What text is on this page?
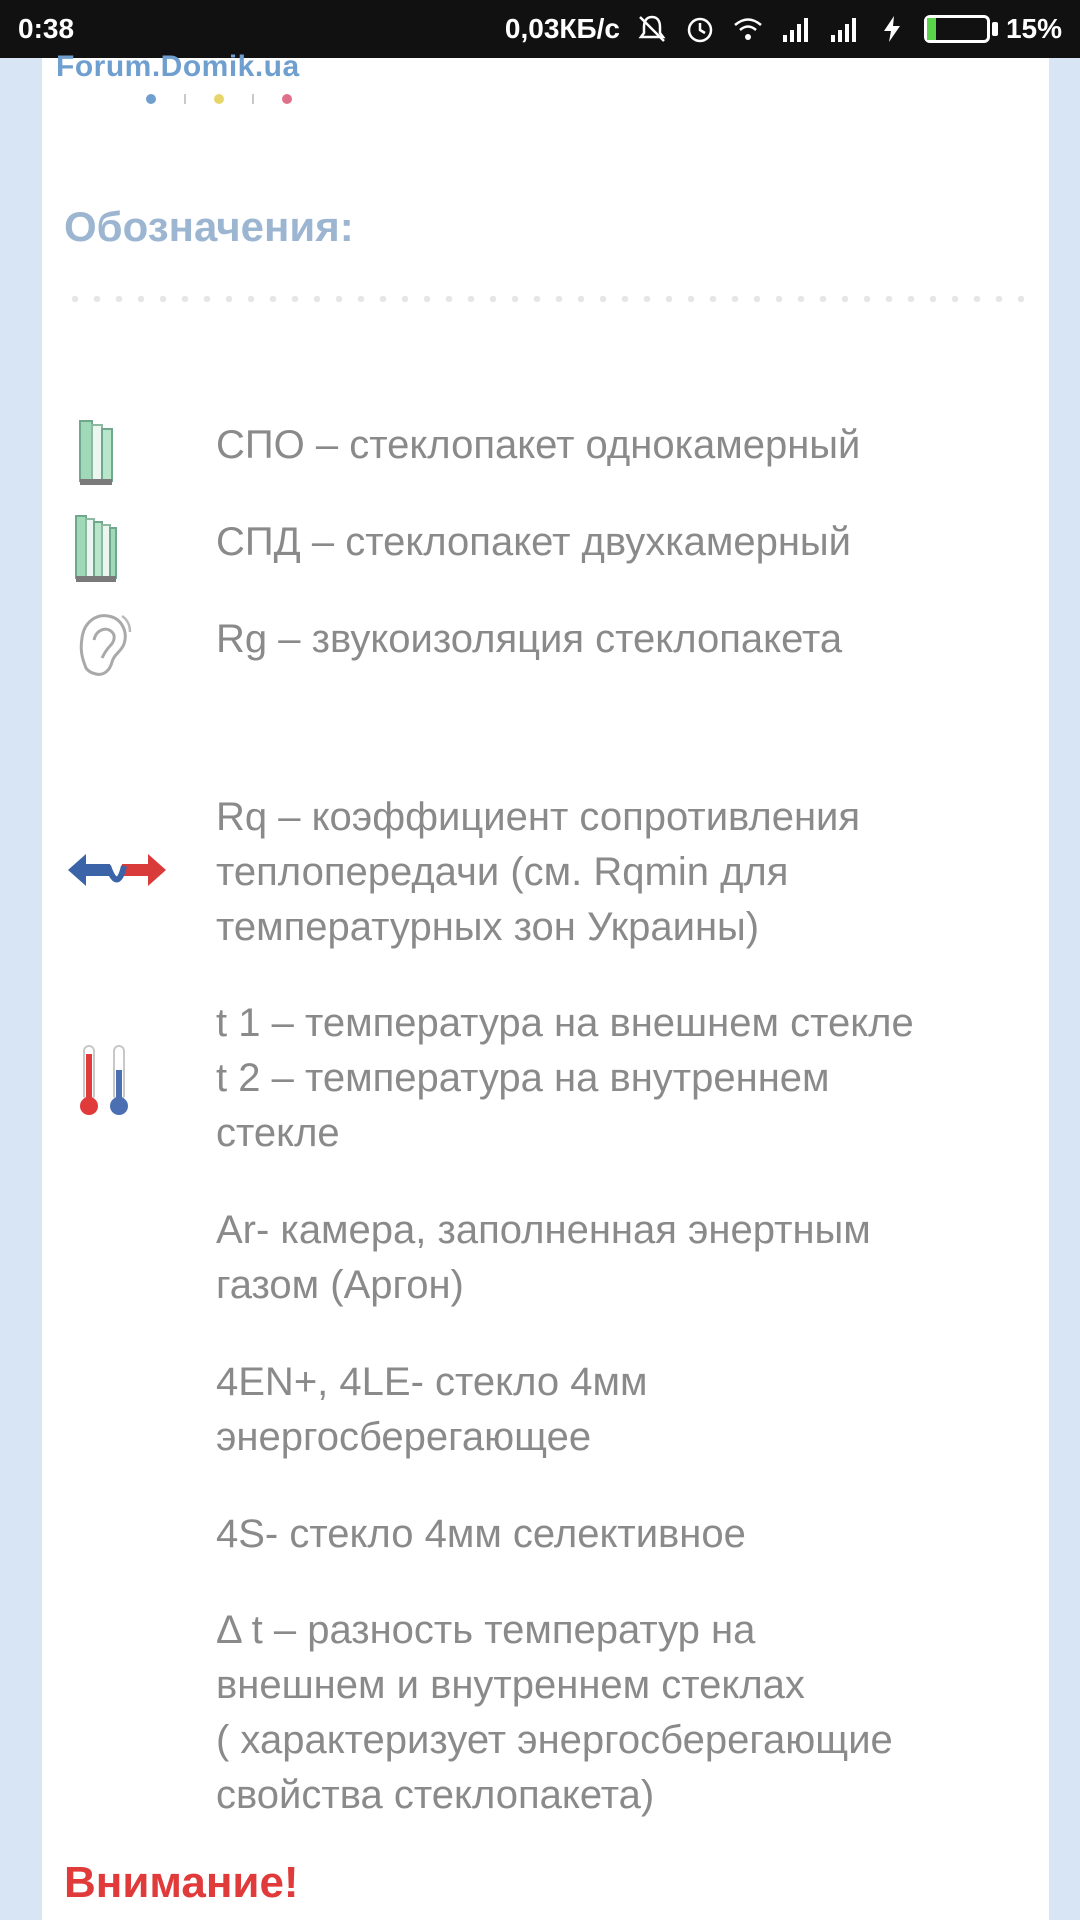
0:38	0,03КБ/с	15%
Forum.Domik.ua
Обозначения:
СПО – стеклопакет однокамерный
СПД – стеклопакет двухкамерный
Rg – звукоизоляция стеклопакета
Rq – коэффициент сопротивления
теплопередачи (см. Rqmin для
температурных зон Украины)
t 1 – температура на внешнем стекле
t 2 – температура на внутреннем
стекле
Ar- камера, заполненная энертным
газом (Аргон)
4EN+, 4LE- стекло 4мм
энергосберегающее
4S- стекло 4мм селективное
Δ t – разность температур на
внешнем и внутреннем стеклах
( характеризует энергосберегающие
свойства стеклопакета)
Внимание!
